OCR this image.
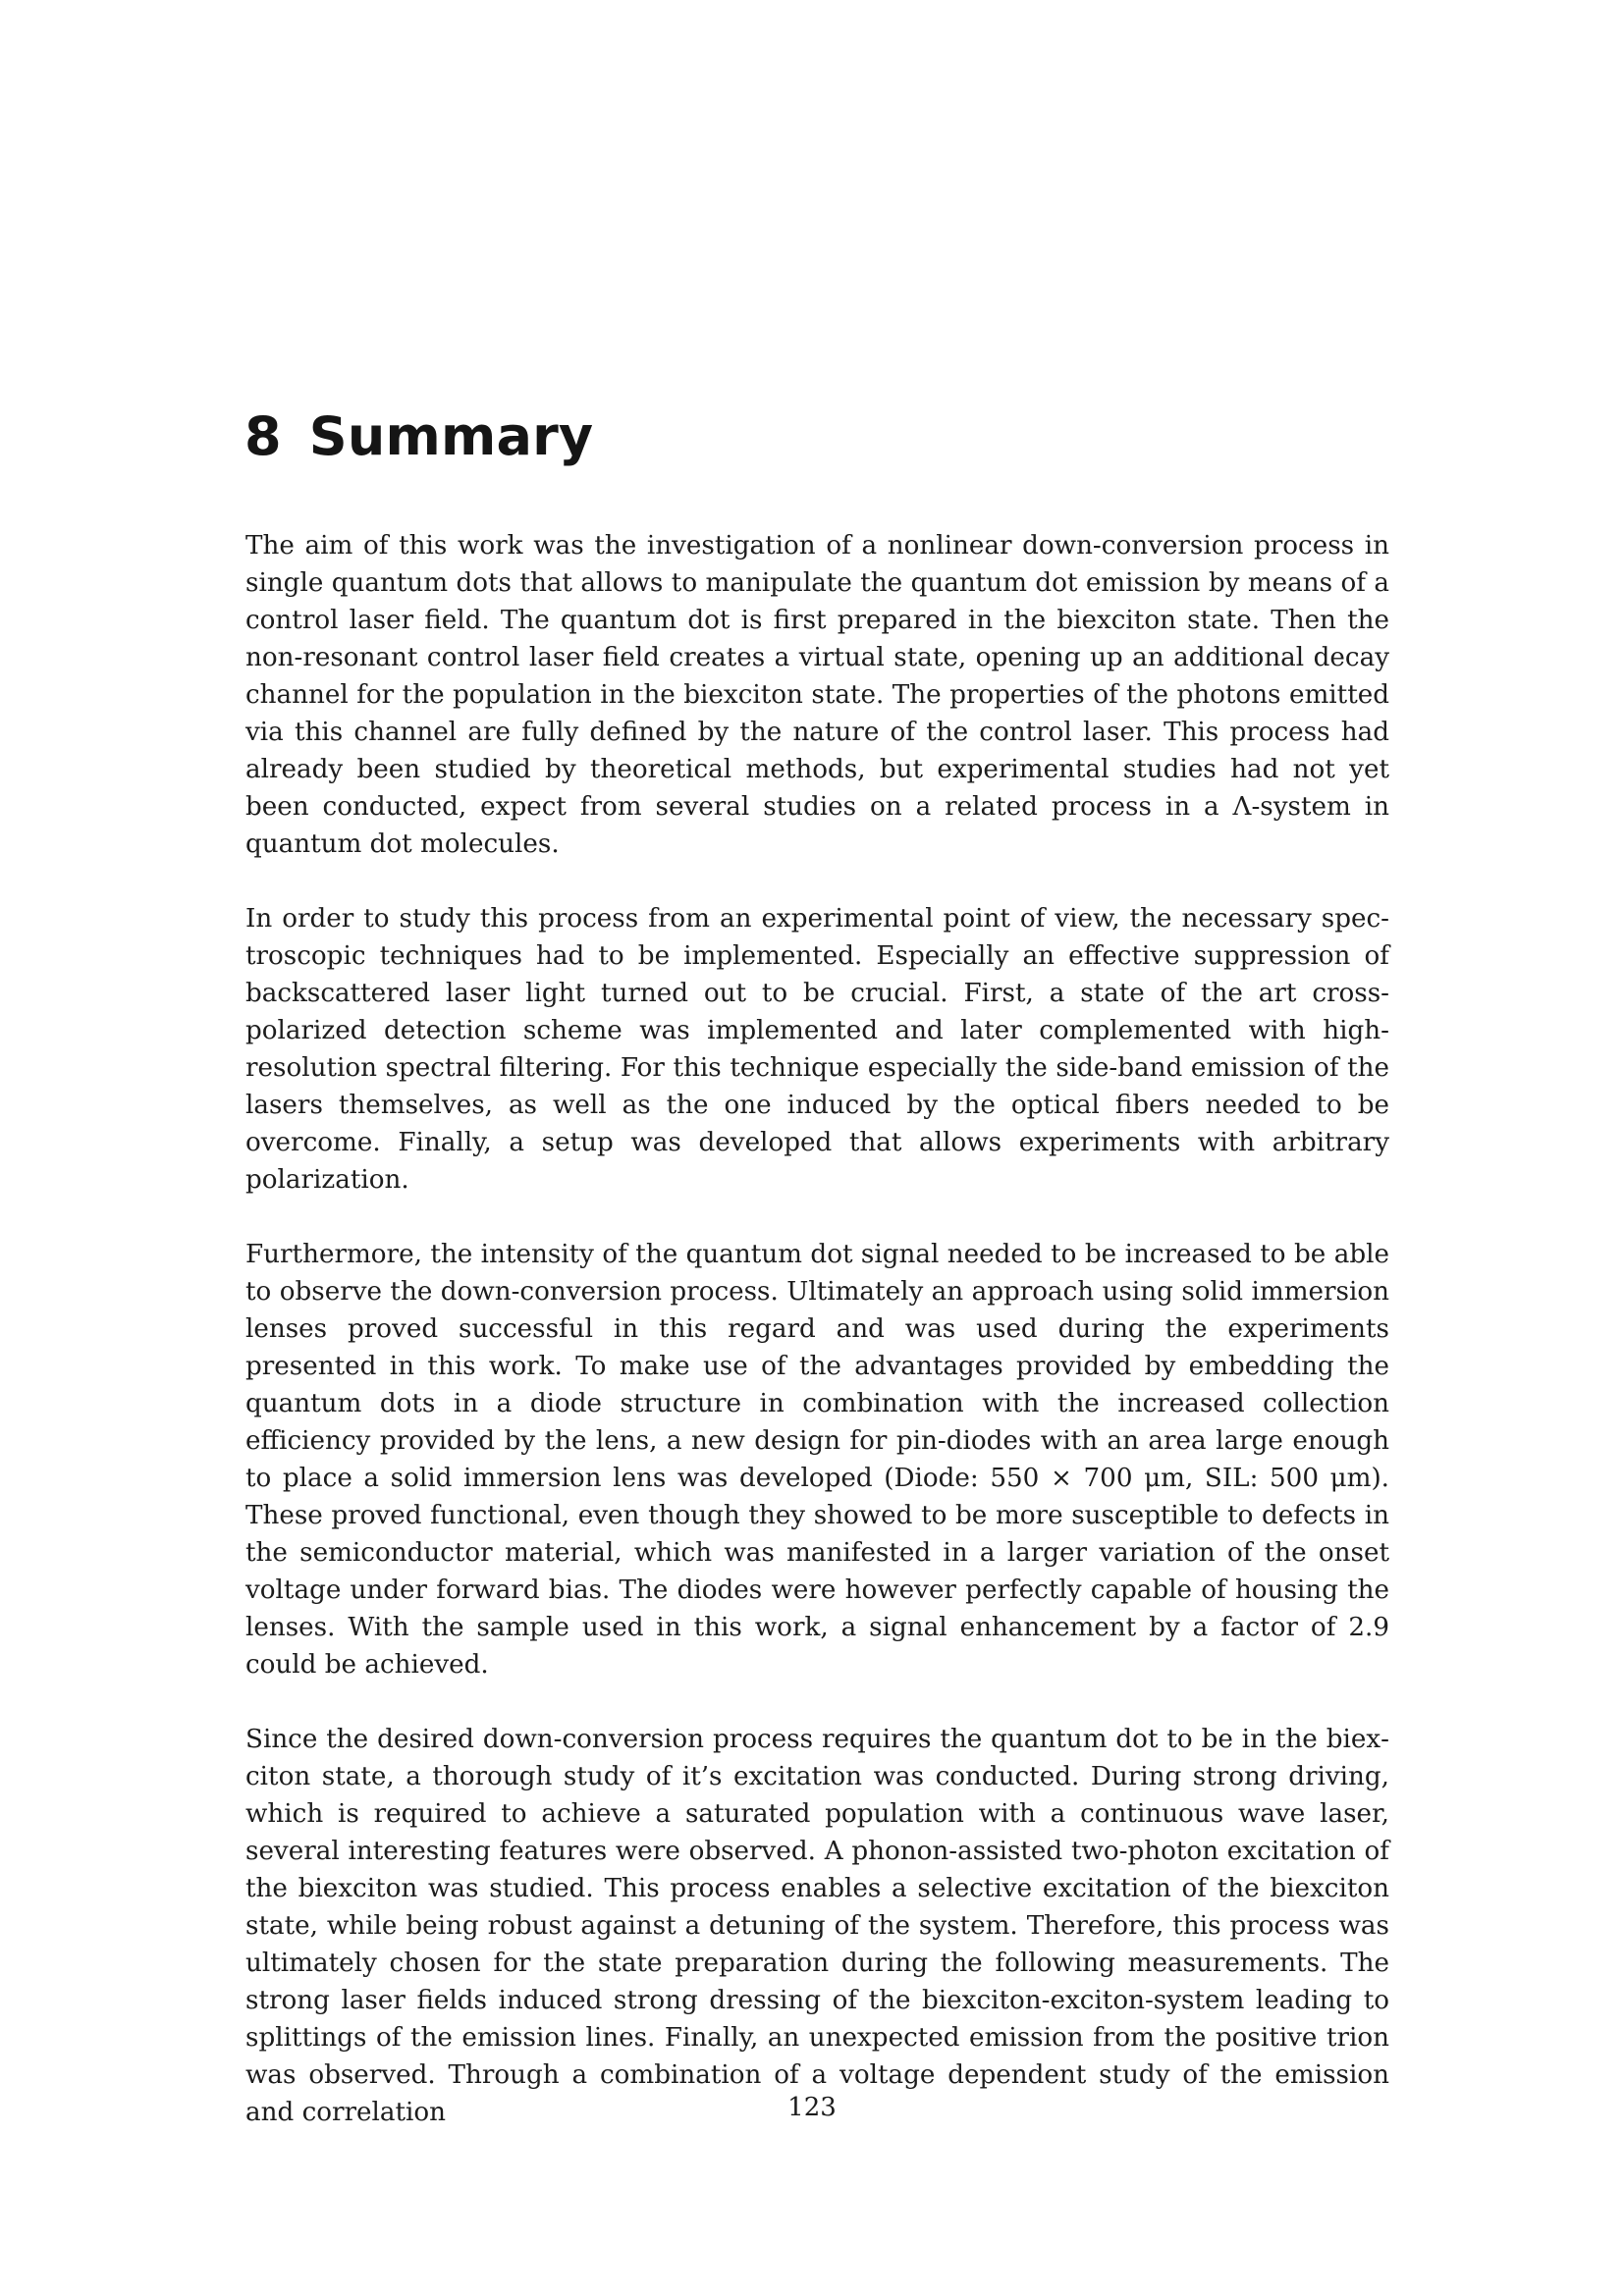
8 Summary

The aim of this work was the investigation of a nonlinear down-conversion process in single quantum dots that allows to manipulate the quantum dot emission by means of a control laser field. The quantum dot is first prepared in the biexciton state. Then the non-resonant control laser field creates a virtual state, opening up an additional decay channel for the population in the biexciton state. The properties of the photons emitted via this channel are fully defined by the nature of the control laser. This process had already been studied by theoretical methods, but experimental studies had not yet been conducted, expect from several studies on a related process in a Λ-system in quantum dot molecules.

In order to study this process from an experimental point of view, the necessary spectroscopic techniques had to be implemented. Especially an effective suppression of backscattered laser light turned out to be crucial. First, a state of the art cross-polarized detection scheme was implemented and later complemented with high-resolution spectral filtering. For this technique especially the side-band emission of the lasers themselves, as well as the one induced by the optical fibers needed to be overcome. Finally, a setup was developed that allows experiments with arbitrary polarization.

Furthermore, the intensity of the quantum dot signal needed to be increased to be able to observe the down-conversion process. Ultimately an approach using solid immersion lenses proved successful in this regard and was used during the experiments presented in this work. To make use of the advantages provided by embedding the quantum dots in a diode structure in combination with the increased collection efficiency provided by the lens, a new design for pin-diodes with an area large enough to place a solid immersion lens was developed (Diode: 550 × 700 μm, SIL: 500 μm). These proved functional, even though they showed to be more susceptible to defects in the semiconductor material, which was manifested in a larger variation of the onset voltage under forward bias. The diodes were however perfectly capable of housing the lenses. With the sample used in this work, a signal enhancement by a factor of 2.9 could be achieved.

Since the desired down-conversion process requires the quantum dot to be in the biexciton state, a thorough study of it’s excitation was conducted. During strong driving, which is required to achieve a saturated population with a continuous wave laser, several interesting features were observed. A phonon-assisted two-photon excitation of the biexciton was studied. This process enables a selective excitation of the biexciton state, while being robust against a detuning of the system. Therefore, this process was ultimately chosen for the state preparation during the following measurements. The strong laser fields induced strong dressing of the biexciton-exciton-system leading to splittings of the emission lines. Finally, an unexpected emission from the positive trion was observed. Through a combination of a voltage dependent study of the emission and correlation	123
